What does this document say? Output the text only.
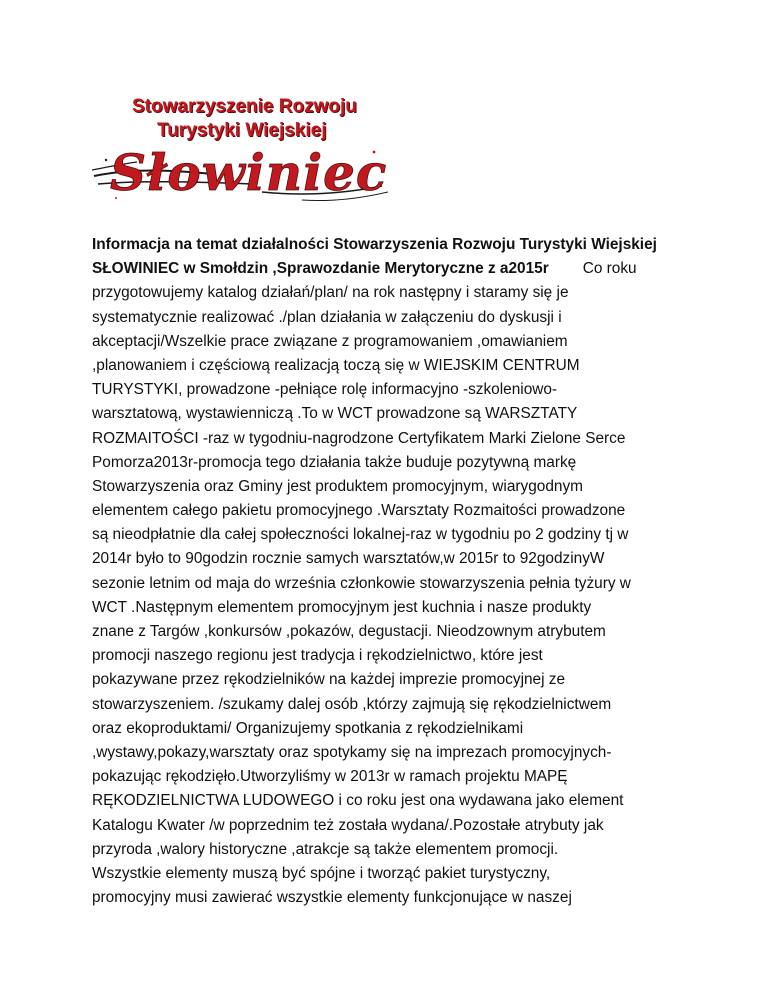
Stowarzyszenie Rozwoju
Turystyki Wiejskiej
Słowiniec
Informacja na temat działalności Stowarzyszenia Rozwoju Turystyki Wiejskiej
SŁOWINIEC w Smołdzin ,Sprawozdanie Merytoryczne z a2015r Co roku
przygotowujemy katalog działań/plan/ na rok następny i staramy się je
systematycznie realizować ./plan działania w załączeniu do dyskusji i
akceptacji/Wszelkie prace związane z programowaniem ,omawianiem
,planowaniem i częściową realizacją toczą się w WIEJSKIM CENTRUM
TURYSTYKI, prowadzone -pełniące rolę informacyjno -szkoleniowo-
warsztatową, wystawienniczą .To w WCT prowadzone są WARSZTATY
ROZMAITOŚCI -raz w tygodniu-nagrodzone Certyfikatem Marki Zielone Serce
Pomorza2013r-promocja tego działania także buduje pozytywną markę
Stowarzyszenia oraz Gminy jest produktem promocyjnym, wiarygodnym
elementem całego pakietu promocyjnego .Warsztaty Rozmaitości prowadzone
są nieodpłatnie dla całej społeczności lokalnej-raz w tygodniu po 2 godziny tj w
2014r było to 90godzin rocznie samych warsztatów,w 2015r to 92godzinyW
sezonie letnim od maja do września członkowie stowarzyszenia pełnia tyżury w
WCT .Następnym elementem promocyjnym jest kuchnia i nasze produkty
znane z Targów ,konkursów ,pokazów, degustacji. Nieodzownym atrybutem
promocji naszego regionu jest tradycja i rękodzielnictwo, które jest
pokazywane przez rękodzielników na każdej imprezie promocyjnej ze
stowarzyszeniem. /szukamy dalej osób ,którzy zajmują się rękodzielnictwem
oraz ekoproduktami/ Organizujemy spotkania z rękodzielnikami
,wystawy,pokazy,warsztaty oraz spotykamy się na imprezach promocyjnych-
pokazując rękodzięło.Utworzyliśmy w 2013r w ramach projektu MAPĘ
RĘKODZIELNICTWA LUDOWEGO i co roku jest ona wydawana jako element
Katalogu Kwater /w poprzednim też została wydana/.Pozostałe atrybuty jak
przyroda ,walory historyczne ,atrakcje są także elementem promocji.
Wszystkie elementy muszą być spójne i tworząć pakiet turystyczny,
promocyjny musi zawierać wszystkie elementy funkcjonujące w naszej
